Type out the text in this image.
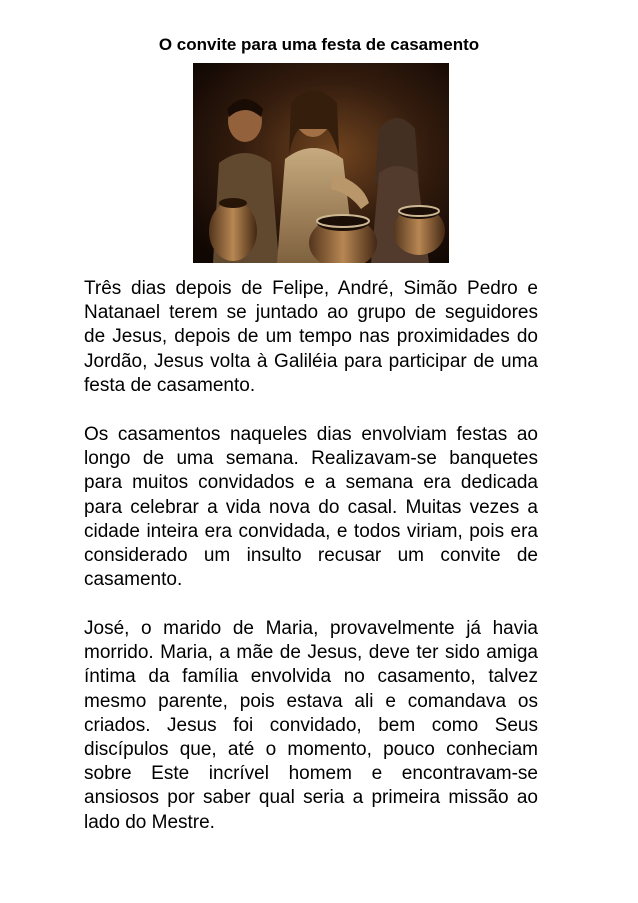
O convite para uma festa de casamento

Três dias depois de Felipe, André, Simão Pedro e Natanael terem se juntado ao grupo de seguidores de Jesus, depois de um tempo nas proximidades do Jordão, Jesus volta à Galiléia para participar de uma festa de casamento.

Os casamentos naqueles dias envolviam festas ao longo de uma semana. Realizavam-se banquetes para muitos convidados e a semana era dedicada para celebrar a vida nova do casal. Muitas vezes a cidade inteira era convidada, e todos viriam, pois era considerado um insulto recusar um convite de casamento.

José, o marido de Maria, provavelmente já havia morrido. Maria, a mãe de Jesus, deve ter sido amiga íntima da família envolvida no casamento, talvez mesmo parente, pois estava ali e comandava os criados. Jesus foi convidado, bem como Seus discípulos que, até o momento, pouco conheciam sobre Este incrível homem e encontravam-se ansiosos por saber qual seria a primeira missão ao lado do Mestre.
